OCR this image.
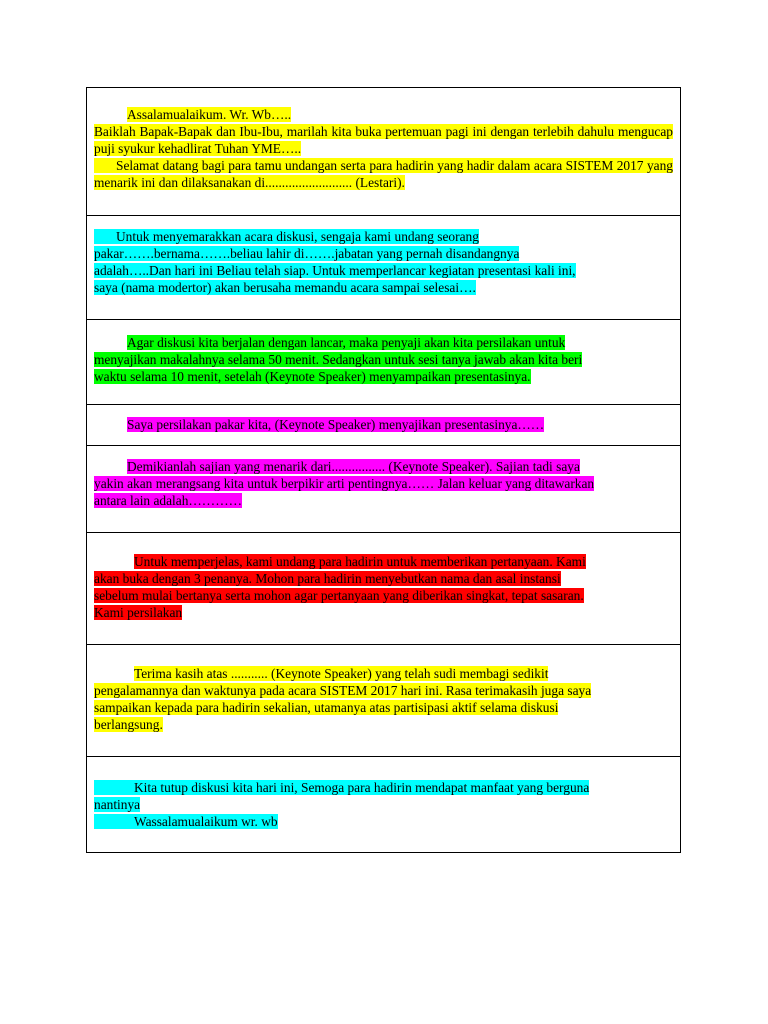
Assalamualaikum. Wr. Wb…..

Baiklah Bapak-Bapak dan Ibu-Ibu, marilah kita buka pertemuan pagi ini dengan terlebih dahulu mengucap puji syukur kehadlirat Tuhan YME…..

Selamat datang bagi para tamu undangan serta para hadirin yang hadir dalam acara SISTEM 2017 yang menarik ini dan dilaksanakan di.......................... (Lestari).

Untuk menyemarakkan acara diskusi, sengaja kami undang seorang

pakar…….bernama…….beliau lahir di…….jabatan yang pernah disandangnya

adalah…..Dan hari ini Beliau telah siap. Untuk memperlancar kegiatan presentasi kali ini,

saya (nama modertor) akan berusaha memandu acara sampai selesai….

Agar diskusi kita berjalan dengan lancar, maka penyaji akan kita persilakan untuk

menyajikan makalahnya selama 50 menit. Sedangkan untuk sesi tanya jawab akan kita beri

waktu selama 10 menit, setelah (Keynote Speaker) menyampaikan presentasinya.

Saya persilakan pakar kita, (Keynote Speaker) menyajikan presentasinya……

Demikianlah sajian yang menarik dari................ (Keynote Speaker). Sajian tadi saya

yakin akan merangsang kita untuk berpikir arti pentingnya…… Jalan keluar yang ditawarkan

antara lain adalah…………

Untuk memperjelas, kami undang para hadirin untuk memberikan pertanyaan. Kami

akan buka dengan 3 penanya. Mohon para hadirin menyebutkan nama dan asal instansi

sebelum mulai bertanya serta mohon agar pertanyaan yang diberikan singkat, tepat sasaran.

Kami persilakan

Terima kasih atas ........... (Keynote Speaker) yang telah sudi membagi sedikit

pengalamannya dan waktunya pada acara SISTEM 2017 hari ini. Rasa terimakasih juga saya

sampaikan kepada para hadirin sekalian, utamanya atas partisipasi aktif selama diskusi

berlangsung.

Kita tutup diskusi kita hari ini, Semoga para hadirin mendapat manfaat yang berguna

nantinya

Wassalamualaikum wr. wb
